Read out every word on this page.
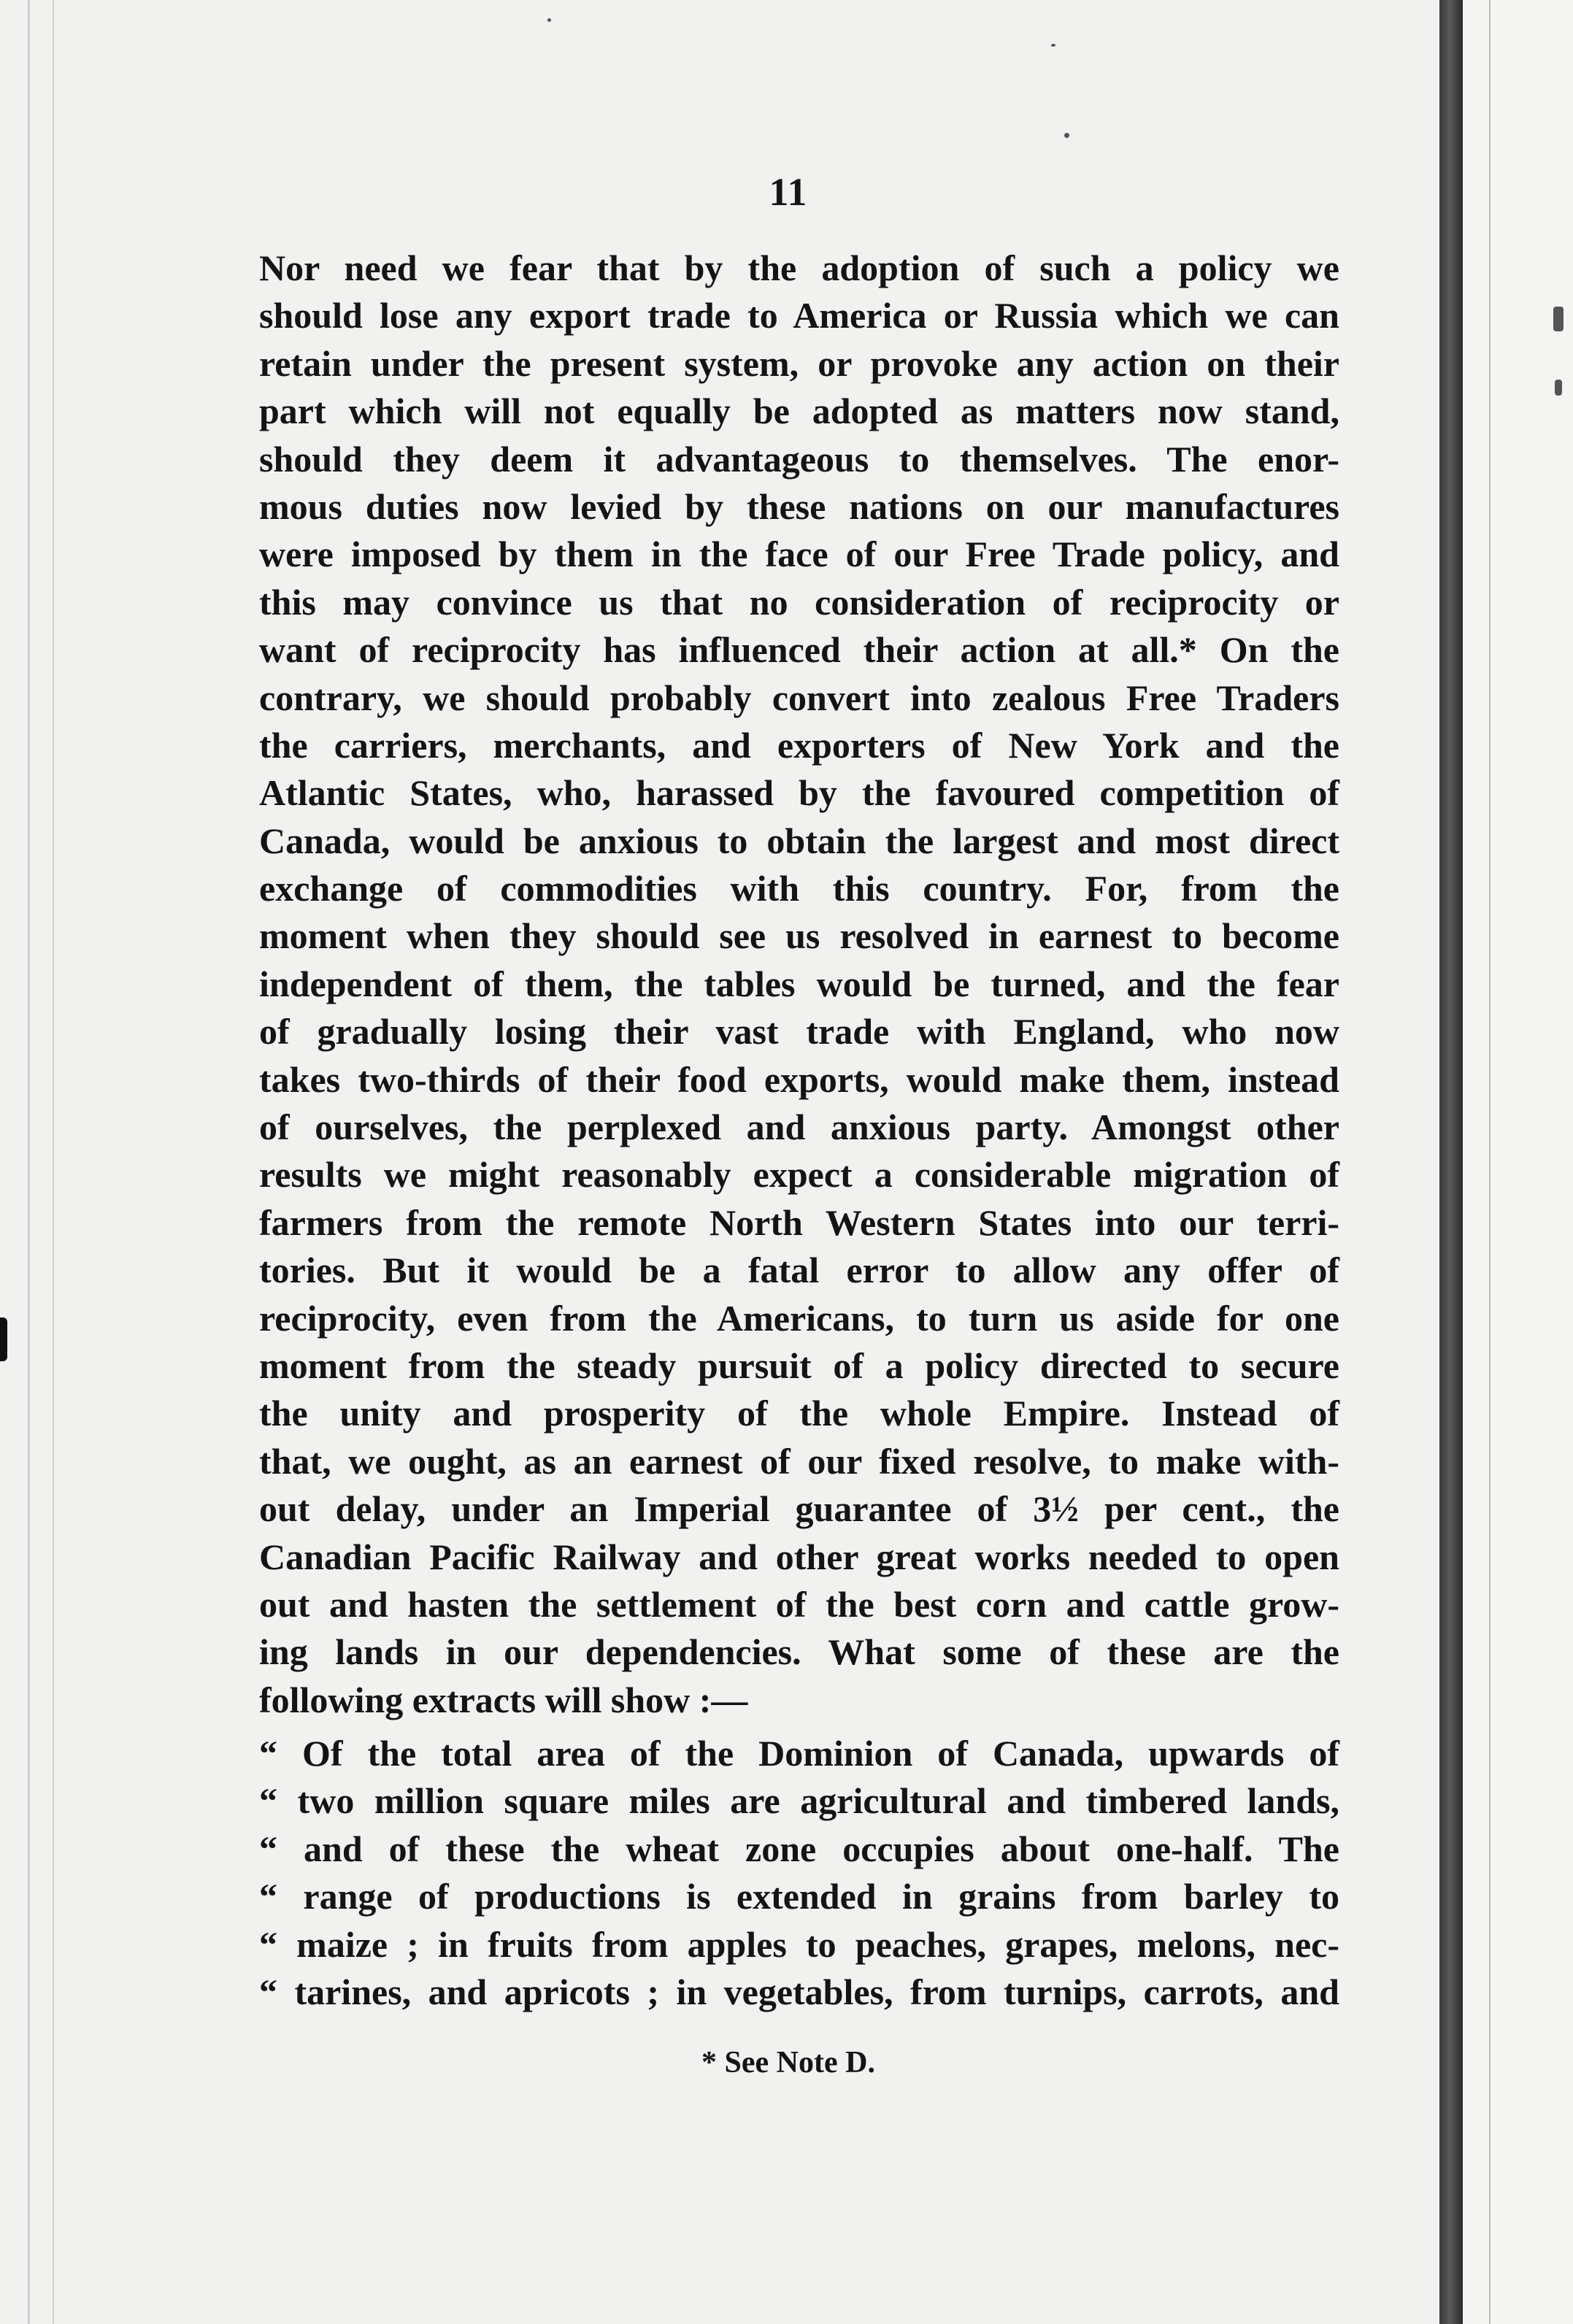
11
Nor need we fear that by the adoption of such a policy we
should lose any export trade to America or Russia which we can
retain under the present system, or provoke any action on their
part which will not equally be adopted as matters now stand,
should they deem it advantageous to themselves. The enor-
mous duties now levied by these nations on our manufactures
were imposed by them in the face of our Free Trade policy, and
this may convince us that no consideration of reciprocity or
want of reciprocity has influenced their action at all.* On the
contrary, we should probably convert into zealous Free Traders
the carriers, merchants, and exporters of New York and the
Atlantic States, who, harassed by the favoured competition of
Canada, would be anxious to obtain the largest and most direct
exchange of commodities with this country. For, from the
moment when they should see us resolved in earnest to become
independent of them, the tables would be turned, and the fear
of gradually losing their vast trade with England, who now
takes two-thirds of their food exports, would make them, instead
of ourselves, the perplexed and anxious party. Amongst other
results we might reasonably expect a considerable migration of
farmers from the remote North Western States into our terri-
tories. But it would be a fatal error to allow any offer of
reciprocity, even from the Americans, to turn us aside for one
moment from the steady pursuit of a policy directed to secure
the unity and prosperity of the whole Empire. Instead of
that, we ought, as an earnest of our fixed resolve, to make with-
out delay, under an Imperial guarantee of 3½ per cent., the
Canadian Pacific Railway and other great works needed to open
out and hasten the settlement of the best corn and cattle grow-
ing lands in our dependencies. What some of these are the
following extracts will show :—
“ Of the total area of the Dominion of Canada, upwards of
“ two million square miles are agricultural and timbered lands,
“ and of these the wheat zone occupies about one-half. The
“ range of productions is extended in grains from barley to
“ maize ; in fruits from apples to peaches, grapes, melons, nec-
“ tarines, and apricots ; in vegetables, from turnips, carrots, and
* See Note D.
